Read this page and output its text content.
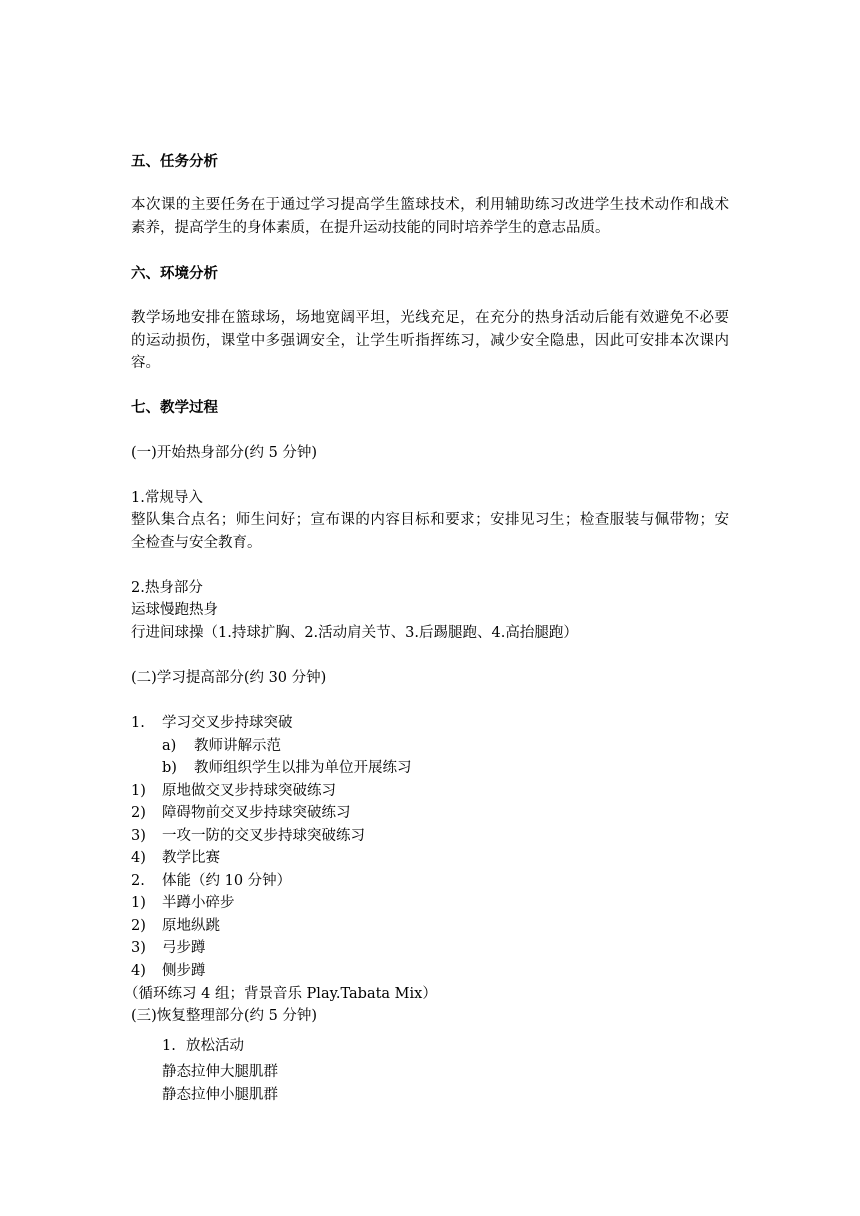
五、任务分析
本次课的主要任务在于通过学习提高学生篮球技术，利用辅助练习改进学生技术动作和战术
素养，提高学生的身体素质，在提升运动技能的同时培养学生的意志品质。
六、环境分析
教学场地安排在篮球场，场地宽阔平坦，光线充足，在充分的热身活动后能有效避免不必要
的运动损伤，课堂中多强调安全，让学生听指挥练习，减少安全隐患，因此可安排本次课内
容。
七、教学过程
(一)开始热身部分(约 5 分钟)
1.常规导入
整队集合点名；师生问好；宣布课的内容目标和要求；安排见习生；检查服装与佩带物；安
全检查与安全教育。
2.热身部分
运球慢跑热身
行进间球操（1.持球扩胸、2.活动肩关节、3.后踢腿跑、4.高抬腿跑）
(二)学习提高部分(约 30 分钟)
1. 学习交叉步持球突破
a) 教师讲解示范
b) 教师组织学生以排为单位开展练习
1) 原地做交叉步持球突破练习
2) 障碍物前交叉步持球突破练习
3) 一攻一防的交叉步持球突破练习
4) 教学比赛
2. 体能（约 10 分钟）
1) 半蹲小碎步
2) 原地纵跳
3) 弓步蹲
4) 侧步蹲
（循环练习 4 组；背景音乐 Play.Tabata Mix）
(三)恢复整理部分(约 5 分钟)
1. 放松活动
静态拉伸大腿肌群
静态拉伸小腿肌群
